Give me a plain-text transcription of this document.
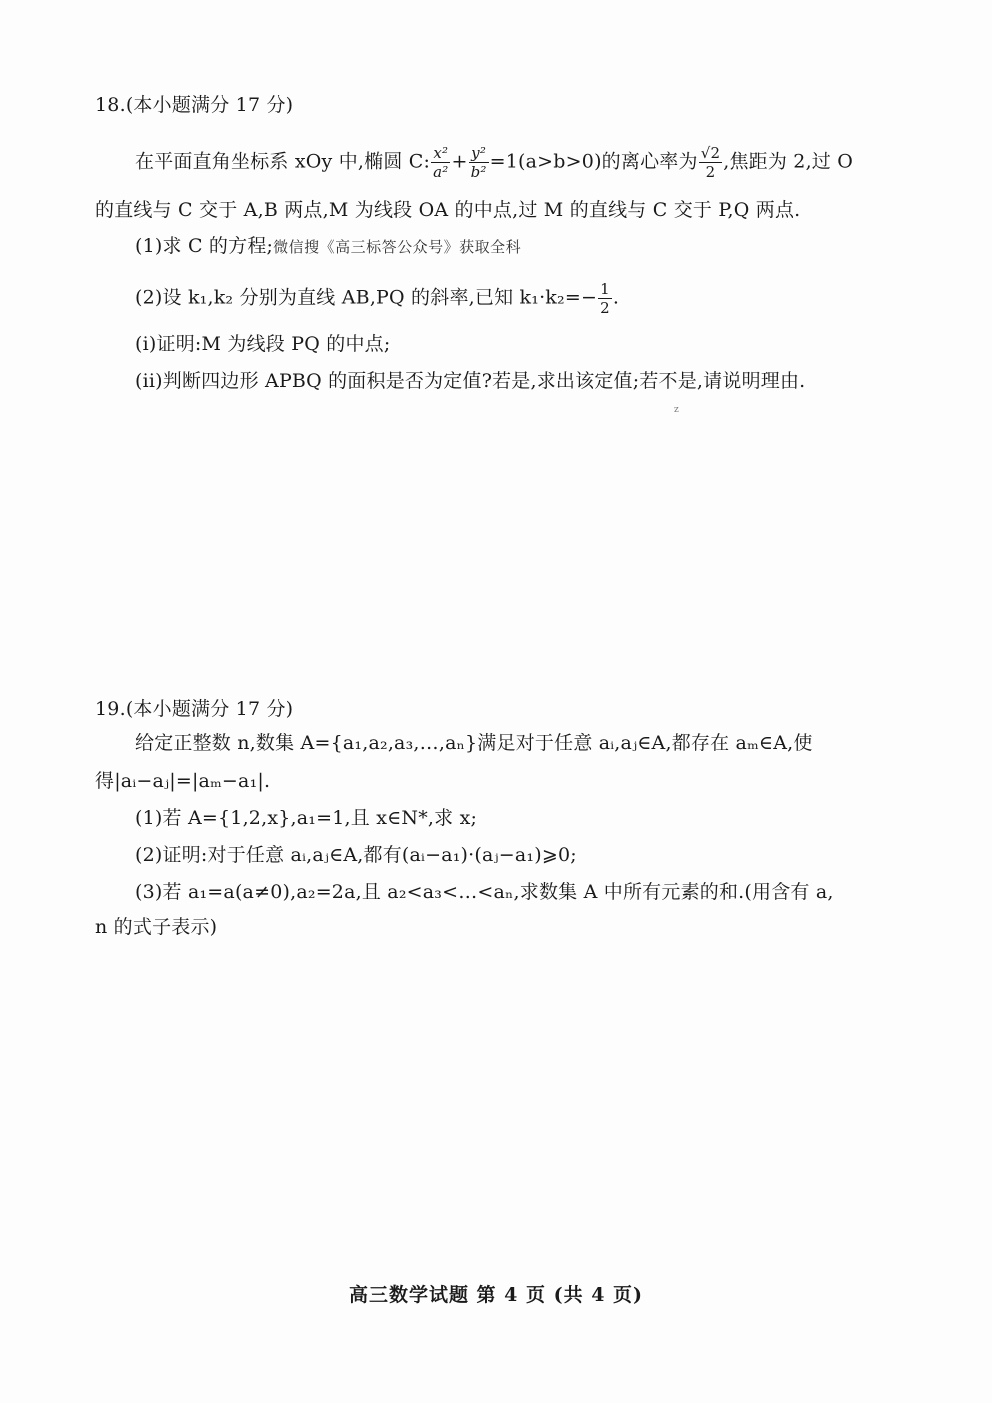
18.(本小题满分 17 分)
在平面直角坐标系 xOy 中,椭圆 C: $\frac{\text{x²}}{\text{a²}} + \frac{\text{y²}}{\text{b²}} =1(a>b>0)$的离心率为 $\frac{√2}{2}$ ,焦距为 2,过 O
的直线与 C 交于 A,B 两点,M 为线段 OA 的中点,过 M 的直线与 C 交于 P,Q 两点.
(1)求 C 的方程;微信搜《高三标答公众号》获取全科
(2)设 k₁,k₂ 分别为直线 AB,PQ 的斜率,已知 $k_1\cdot k_2=- \frac{1}{2}$ .
(i)证明:M 为线段 PQ 的中点;
(ii)判断四边形 APBQ 的面积是否为定值?若是,求出该定值;若不是,请说明理由.
z
19.(本小题满分 17 分)
给定正整数 n,数集 A={a₁,a₂,a₃,…,aₙ}满足对于任意 aᵢ,aⱼ∈A,都存在 aₘ∈A,使
得|aᵢ−aⱼ|=|aₘ−a₁|.
(1)若 A={1,2,x},a₁=1,且 x∈N*,求 x;
(2)证明:对于任意 aᵢ,aⱼ∈A,都有(aᵢ−a₁)·(aⱼ−a₁)⩾0;
(3)若 a₁=a(a≠0),a₂=2a,且 a₂<a₃<…<aₙ,求数集 A 中所有元素的和.(用含有 a,
n 的式子表示)
高三数学试题 第 4 页 (共 4 页)
